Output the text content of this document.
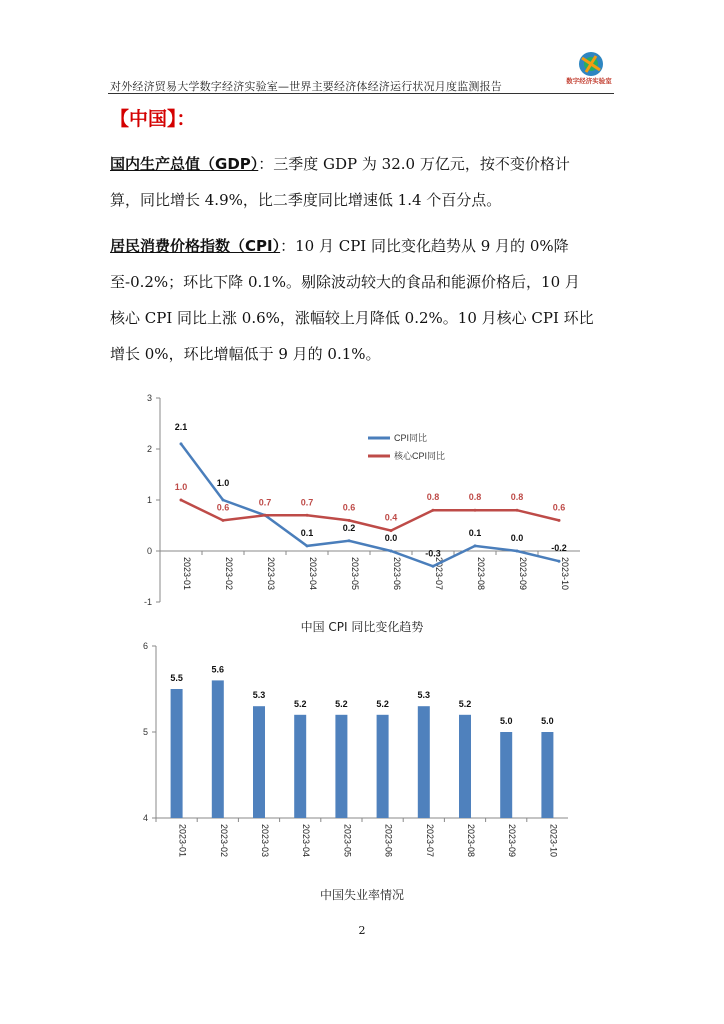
对外经济贸易大学数字经济实验室—世界主要经济体经济运行状况月度监测报告	数字经济实验室
【中国】：
国内生产总值（GDP）：三季度 GDP 为 32.0 万亿元，按不变价格计
算，同比增长 4.9%，比二季度同比增速低 1.4 个百分点。
居民消费价格指数（CPI）：10 月 CPI 同比变化趋势从 9 月的 0%降
至-0.2%；环比下降 0.1%。剔除波动较大的食品和能源价格后，10 月
核心 CPI 同比上涨 0.6%，涨幅较上月降低 0.2%。10 月核心 CPI 环比
增长 0%，环比增幅低于 9 月的 0.1%。
-1
0
1
2
3
2023-01	2023-02	2023-03	2023-04	2023-05	2023-06	2023-07	2023-08	2023-09	2023-10
2.1
1.0
0.1
0.2
0.0
-0.3
0.1
0.0
-0.2
1.0
0.6
0.7	0.7
0.6
0.4
0.8	0.8	0.8
0.6
CPI同比
核心CPI同比
中国 CPI 同比变化趋势
4
5
6
5.5
2023-01
5.6
2023-02
5.3
2023-03
5.2
2023-04
5.2
2023-05
5.2
2023-06
5.3
2023-07
5.2
2023-08
5.0
2023-09
5.0
2023-10
中国失业率情况
2
